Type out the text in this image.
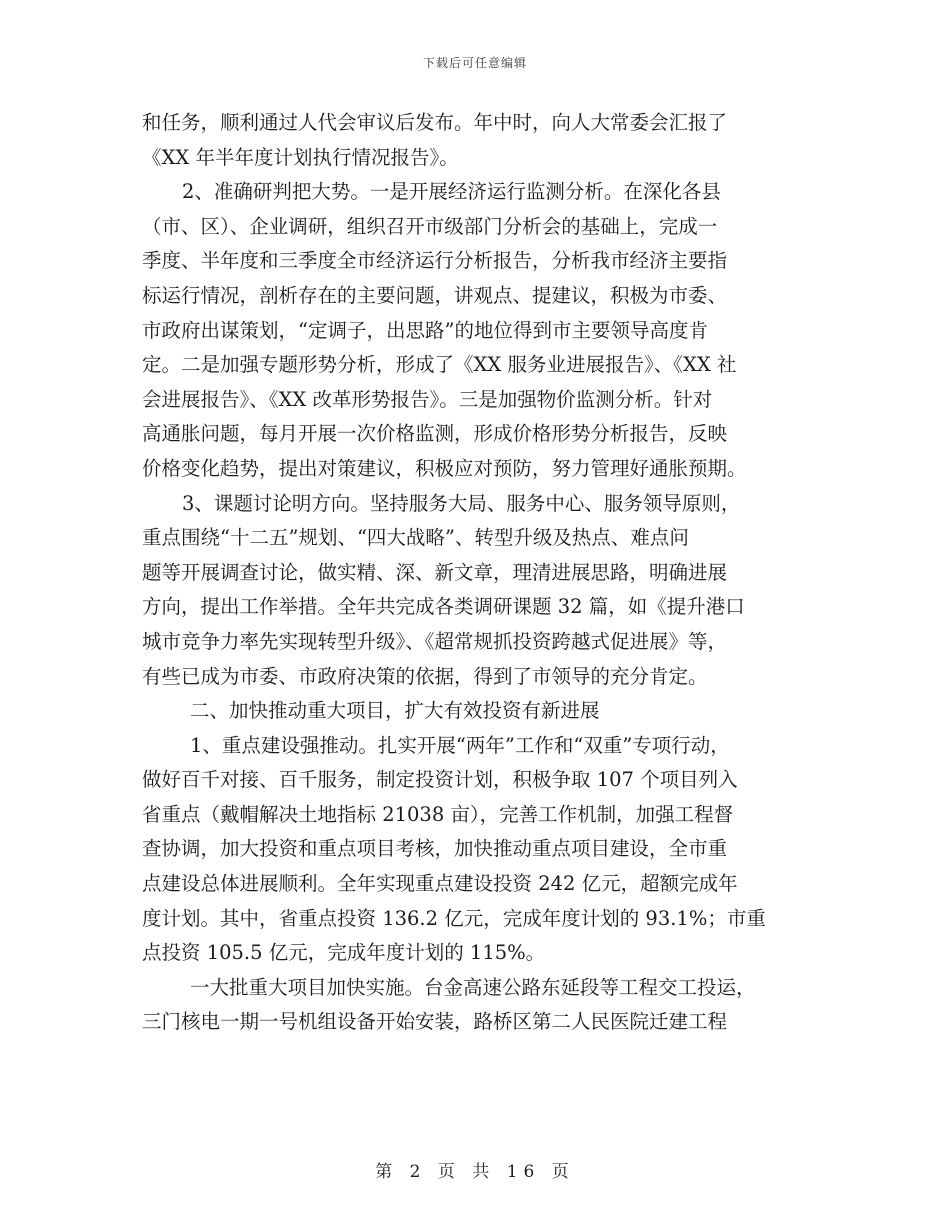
下载后可任意编辑
和任务，顺利通过人代会审议后发布。年中时，向人大常委会汇报了
《XX 年半年度计划执行情况报告》。
2、准确研判把大势。一是开展经济运行监测分析。在深化各县
（市、区）、企业调研，组织召开市级部门分析会的基础上，完成一
季度、半年度和三季度全市经济运行分析报告，分析我市经济主要指
标运行情况，剖析存在的主要问题，讲观点、提建议，积极为市委、
市政府出谋策划，“定调子，出思路”的地位得到市主要领导高度肯
定。二是加强专题形势分析，形成了《XX 服务业进展报告》、《XX 社
会进展报告》、《XX 改革形势报告》。三是加强物价监测分析。针对
高通胀问题，每月开展一次价格监测，形成价格形势分析报告，反映
价格变化趋势，提出对策建议，积极应对预防，努力管理好通胀预期。
3、课题讨论明方向。坚持服务大局、服务中心、服务领导原则，
重点围绕“十二五”规划、“四大战略”、转型升级及热点、难点问
题等开展调查讨论，做实精、深、新文章，理清进展思路，明确进展
方向，提出工作举措。全年共完成各类调研课题 32 篇，如《提升港口
城市竞争力率先实现转型升级》、《超常规抓投资跨越式促进展》等，
有些已成为市委、市政府决策的依据，得到了市领导的充分肯定。
二、加快推动重大项目，扩大有效投资有新进展
1、重点建设强推动。扎实开展“两年”工作和“双重”专项行动，
做好百千对接、百千服务，制定投资计划，积极争取 107 个项目列入
省重点（戴帽解决土地指标 21038 亩），完善工作机制，加强工程督
查协调，加大投资和重点项目考核，加快推动重点项目建设，全市重
点建设总体进展顺利。全年实现重点建设投资 242 亿元，超额完成年
度计划。其中，省重点投资 136.2 亿元，完成年度计划的 93.1%；市重
点投资 105.5 亿元，完成年度计划的 115%。
一大批重大项目加快实施。台金高速公路东延段等工程交工投运，
三门核电一期一号机组设备开始安装，路桥区第二人民医院迁建工程
第 2 页 共 16 页
